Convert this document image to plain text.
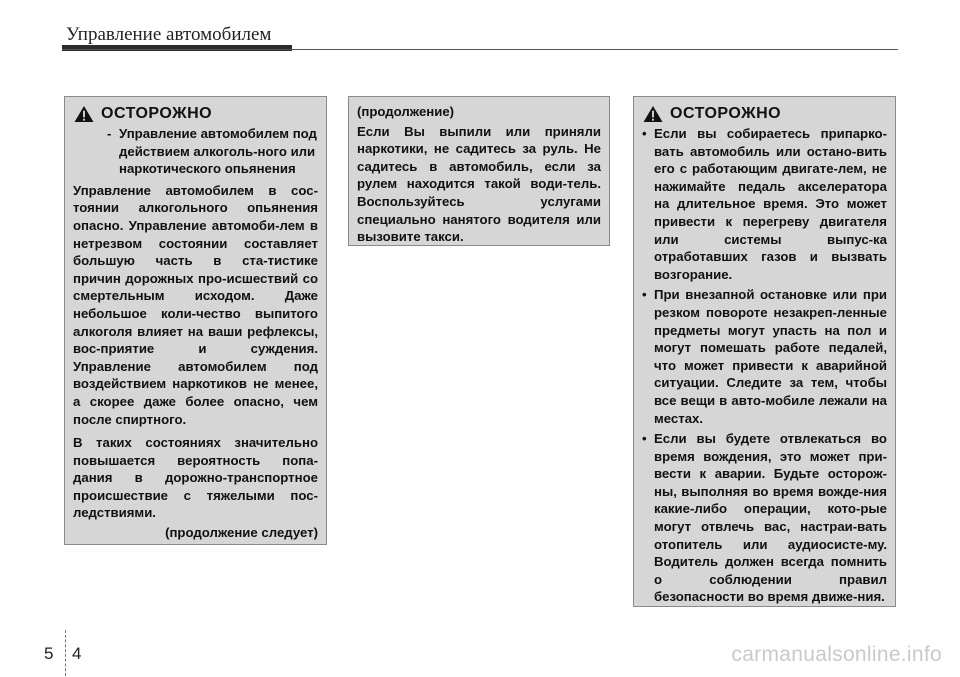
Управление автомобилем
ОСТОРОЖНО
- Управление автомобилем под действием алкоголь-ного или наркотического опьянения

Управление автомобилем в сос-тоянии алкогольного опьянения опасно. Управление автомоби-лем в нетрезвом состоянии составляет большую часть в ста-тистике причин дорожных про-исшествий со смертельным исходом. Даже небольшое коли-чество выпитого алкоголя влияет на ваши рефлексы, вос-приятие и суждения. Управление автомобилем под воздействием наркотиков не менее, а скорее даже более опасно, чем после спиртного.

В таких состояниях значительно повышается вероятность попа-дания в дорожно-транспортное происшествие с тяжелыми пос-ледствиями.

(продолжение следует)

(продолжение)

Если Вы выпили или приняли наркотики, не садитесь за руль. Не садитесь в автомобиль, если за рулем находится такой води-тель. Воспользуйтесь услугами специально нанятого водителя или вызовите такси.

ОСТОРОЖНО
• Если вы собираетесь припарко-вать автомобиль или остано-вить его с работающим двигате-лем, не нажимайте педаль акселератора на длительное время. Это может привести к перегреву двигателя или системы выпус-ка отработавших газов и вызвать возгорание.
• При внезапной остановке или при резком повороте незакреп-ленные предметы могут упасть на пол и могут помешать работе педалей, что может привести к аварийной ситуации. Следите за тем, чтобы все вещи в авто-мобиле лежали на местах.
• Если вы будете отвлекаться во время вождения, это может при-вести к аварии. Будьте осторож-ны, выполняя во время вожде-ния какие-либо операции, кото-рые могут отвлечь вас, настраи-вать отопитель или аудиосисте-му. Водитель должен всегда помнить о соблюдении правил безопасности во время движе-ния.
5 4	carmanualsonline.info
